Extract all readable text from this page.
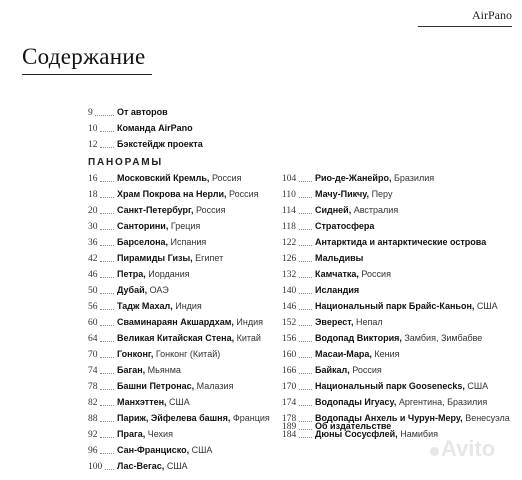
AirPano
Содержание
9	От авторов
10 Команда AirPano
12 Бэкстейдж проекта
ПАНОРАМЫ
16 Московский Кремль, Россия
18 Храм Покрова на Нерли, Россия
20 Санкт-Петербург, Россия
30 Санторини, Греция
36 Барселона, Испания
42 Пирамиды Гизы, Египет
46 Петра, Иордания
50 Дубай, ОАЭ
56 Тадж Махал, Индия
60 Сваминараян Акшардхам, Индия
64 Великая Китайская Стена, Китай
70 Гонконг, Гонконг (Китай)
74 Баган, Мьянма
78 Башни Петронас, Малазия
82 Манхэттен, США
88 Париж, Эйфелева башня, Франция
92 Прага, Чехия
96 Сан-Франциско, США
100 Лас-Вегас, США
104 Рио-де-Жанейро, Бразилия
110 Мачу-Пикчу, Перу
114 Сидней, Австралия
118 Стратосфера
122 Антарктида и антарктические острова
126 Мальдивы
132 Камчатка, Россия
140 Исландия
146 Национальный парк Брайс-Каньон, США
152 Эверест, Непал
156 Водопад Виктория, Замбия, Зимбабве
160 Масаи-Мара, Кения
166 Байкал, Россия
170 Национальный парк Goosenecks, США
174 Водопады Игуасу, Аргентина, Бразилия
178 Водопады Анхель и Чурун-Меру, Венесуэла
184 Дюны Сосусфлей, Намибия
189 Об издательстве
Avito
